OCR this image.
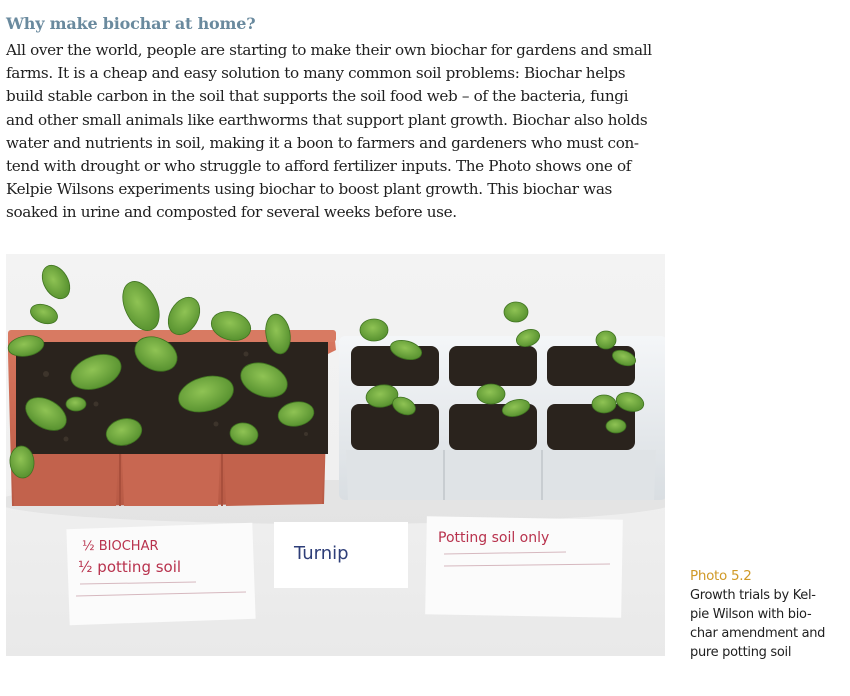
Why make biochar at home?
All over the world, people are starting to make their own biochar for gardens and small
farms. It is a cheap and easy solution to many common soil problems: Biochar helps
build stable carbon in the soil that supports the soil food web – of the bacteria, fungi
and other small animals like earthworms that support plant growth. Biochar also holds
water and nutrients in soil, making it a boon to farmers and gardeners who must con-
tend with drought or who struggle to afford fertilizer inputs. The Photo shows one of
Kelpie Wilsons experiments using biochar to boost plant growth. This biochar was
soaked in urine and composted for several weeks before use.
½ BIOCHAR
½ potting soil
Turnip
Potting soil only
Photo 5.2
Growth trials by Kel-
pie Wilson with bio-
char amendment and
pure potting soil
